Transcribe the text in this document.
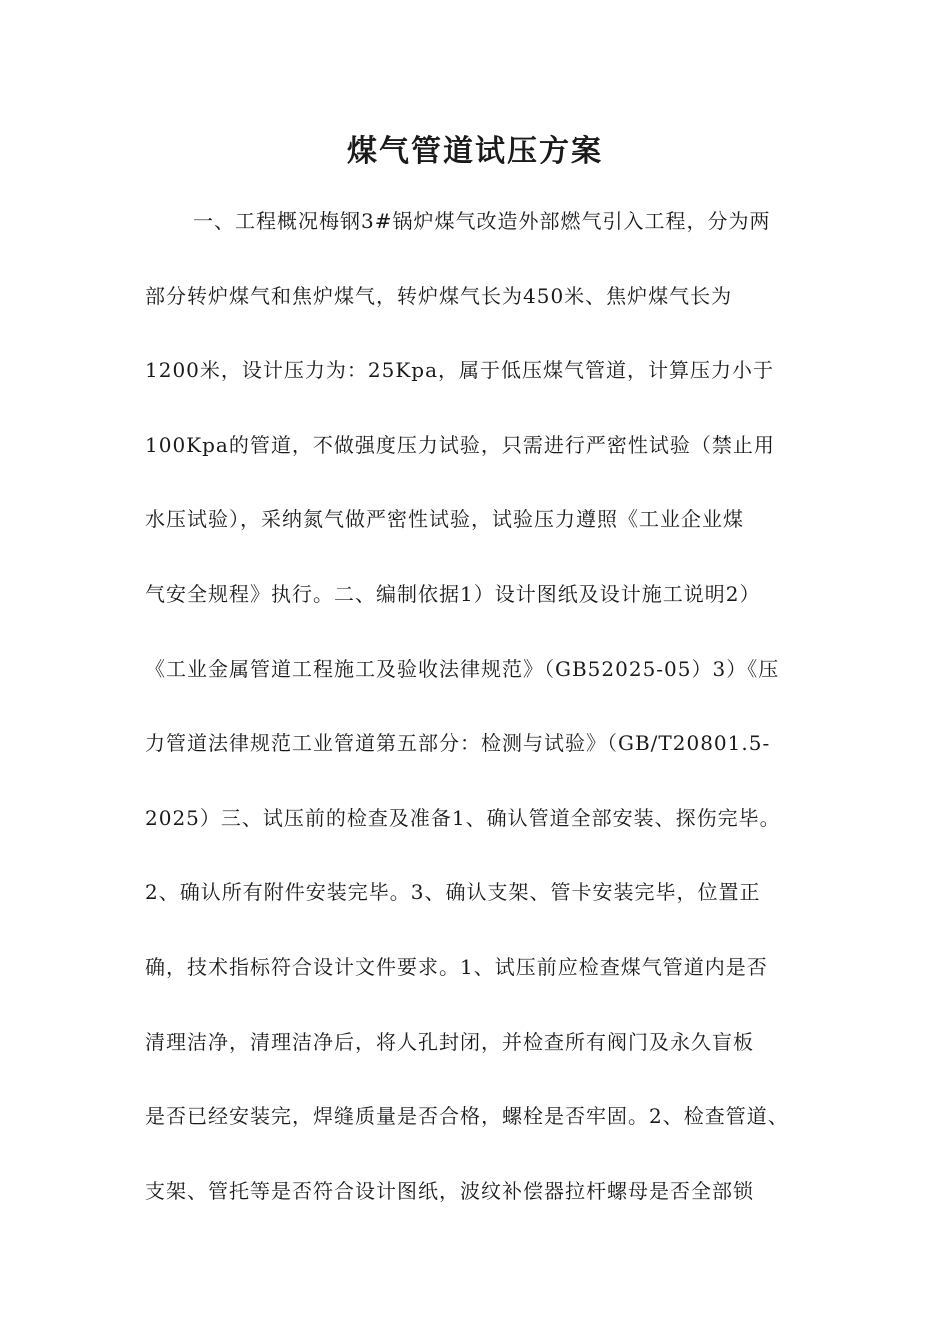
煤气管道试压方案
一、工程概况梅钢3#锅炉煤气改造外部燃气引入工程，分为两
部分转炉煤气和焦炉煤气，转炉煤气长为450米、焦炉煤气长为
1200米，设计压力为：25Kpa，属于低压煤气管道，计算压力小于
100Kpa的管道，不做强度压力试验，只需进行严密性试验（禁止用
水压试验），采纳氮气做严密性试验，试验压力遵照《工业企业煤
气安全规程》执行。二、编制依据1）设计图纸及设计施工说明2）
《工业金属管道工程施工及验收法律规范》（GB52025-05）3）《压
力管道法律规范工业管道第五部分：检测与试验》（GB/T20801.5-
2025）三、试压前的检查及准备1、确认管道全部安装、探伤完毕。
2、确认所有附件安装完毕。3、确认支架、管卡安装完毕，位置正
确，技术指标符合设计文件要求。1、试压前应检查煤气管道内是否
清理洁净，清理洁净后，将人孔封闭，并检查所有阀门及永久盲板
是否已经安装完，焊缝质量是否合格，螺栓是否牢固。2、检查管道、
支架、管托等是否符合设计图纸，波纹补偿器拉杆螺母是否全部锁
